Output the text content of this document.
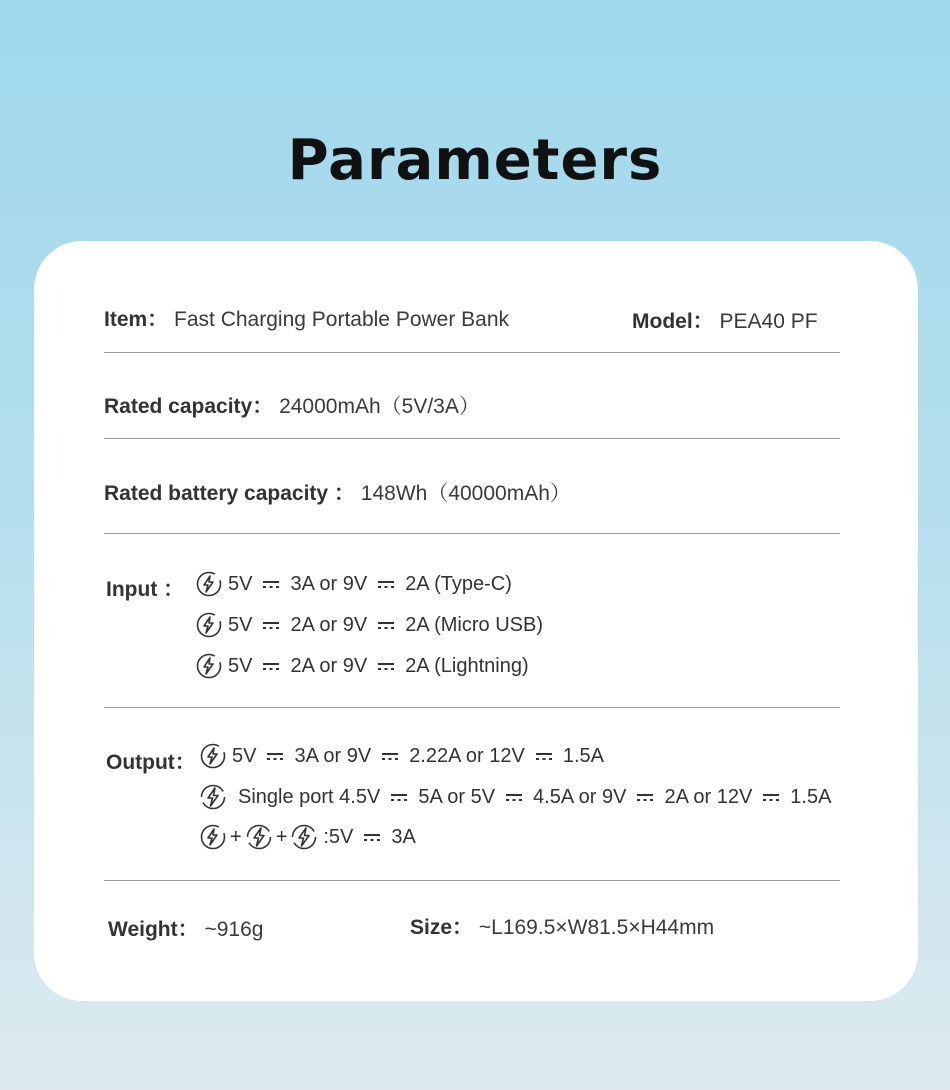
Parameters
Item： Fast Charging Portable Power Bank	Model： PEA40 PF
Rated capacity： 24000mAh（5V/3A）
Rated battery capacity ： 148Wh（40000mAh）
Input ： 5V 3A or 9V 2A (Type-C)
5V 2A or 9V 2A (Micro USB)
5V 2A or 9V 2A (Lightning)
Output： 5V 3A or 9V 2.22A or 12V 1.5A
Single port 4.5V 5A or 5V 4.5A or 9V 2A or 12V 1.5A
+ + :5V 3A
Weight： ~916g	Size： ~L169.5×W81.5×H44mm
